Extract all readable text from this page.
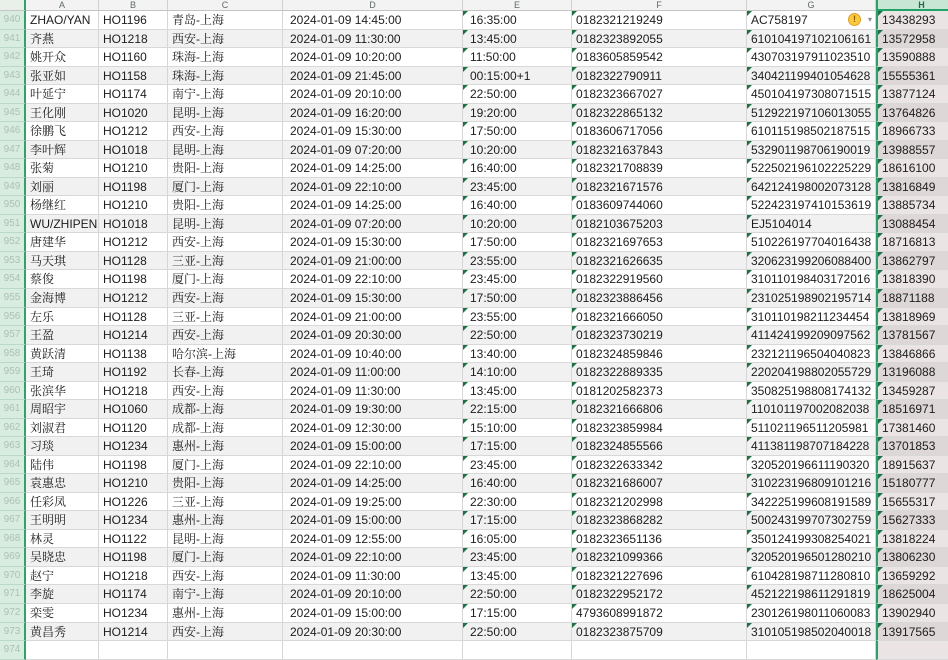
A	B	C	D	E	F	G	H
940 ZHAO/YAN	HO1196	青岛-上海	2024-01-09 14:45:00	16:35:00	0182321219249	AC758197	!	▾ 13438293
941 齐燕	HO1218	西安-上海	2024-01-09 11:30:00	13:45:00	0182323892055	610104197102106161 13572958
942 姚开众	HO1160	珠海-上海	2024-01-09 10:20:00	11:50:00	0183605859542	430703197911023510 13590888
943 张亚如	HO1158	珠海-上海	2024-01-09 21:45:00	00:15:00+1	0182322790911	340421199401054628 15555361
944 叶延宁	HO1174	南宁-上海	2024-01-09 20:10:00	22:50:00	0182323667027	450104197308071515 13877124
945 王化刚	HO1020	昆明-上海	2024-01-09 16:20:00	19:20:00	0182322865132	512922197106013055 13764826
946 徐鹏飞	HO1212	西安-上海	2024-01-09 15:30:00	17:50:00	0183606717056	610115198502187515 18966733
947 李叶辉	HO1018	昆明-上海	2024-01-09 07:20:00	10:20:00	0182321637843	532901198706190019 13988557
948 张菊	HO1210	贵阳-上海	2024-01-09 14:25:00	16:40:00	0182321708839	522502196102225229 18616100
949 刘丽	HO1198	厦门-上海	2024-01-09 22:10:00	23:45:00	0182321671576	642124198002073128 13816849
950 杨继红	HO1210	贵阳-上海	2024-01-09 14:25:00	16:40:00	0183609744060	522423197410153619 13885734
951 WU/ZHIPEN HO1018	昆明-上海	2024-01-09 07:20:00	10:20:00	0182103675203	EJ5104014	13088454
952 唐建华	HO1212	西安-上海	2024-01-09 15:30:00	17:50:00	0182321697653	510226197704016438 18716813
953 马天琪	HO1128	三亚-上海	2024-01-09 21:00:00	23:55:00	0182321626635	320623199206088400 13862797
954 蔡俊	HO1198	厦门-上海	2024-01-09 22:10:00	23:45:00	0182322919560	310110198403172016 13818390
955 金海博	HO1212	西安-上海	2024-01-09 15:30:00	17:50:00	0182323886456	231025198902195714 18871188
956 左乐	HO1128	三亚-上海	2024-01-09 21:00:00	23:55:00	0182321666050	310110198211234454	13818969
957 王盈	HO1214	西安-上海	2024-01-09 20:30:00	22:50:00	0182323730219	411424199209097562 13781567
958 黄跃清	HO1138	哈尔滨-上海	2024-01-09 10:40:00	13:40:00	0182324859846	232121196504040823 13846866
959 王琦	HO1192	长春-上海	2024-01-09 11:00:00	14:10:00	0182322889335	220204198802055729 13196088
960 张滨华	HO1218	西安-上海	2024-01-09 11:30:00	13:45:00	0181202582373	350825198808174132 13459287
961 周昭宇	HO1060	成都-上海	2024-01-09 19:30:00	22:15:00	0182321666806	110101197002082038	18516971
962 刘淑君	HO1120	成都-上海	2024-01-09 12:30:00	15:10:00	0182323859984	511021196511205981	17381460
963 习琰	HO1234	惠州-上海	2024-01-09 15:00:00	17:15:00	0182324855566	411381198707184228	13701853
964 陆伟	HO1198	厦门-上海	2024-01-09 22:10:00	23:45:00	0182322633342	320520196611190320	18915637
965 袁惠忠	HO1210	贵阳-上海	2024-01-09 14:25:00	16:40:00	0182321686007	310223196809101216 15180777
966 任彩凤	HO1226	三亚-上海	2024-01-09 19:25:00	22:30:00	0182321202998	342225199608191589 15655317
967 王明明	HO1234	惠州-上海	2024-01-09 15:00:00	17:15:00	0182323868282	500243199707302759 15627333
968 林灵	HO1122	昆明-上海	2024-01-09 12:55:00	16:05:00	0182323651136	350124199308254021 13818224
969 吴晓忠	HO1198	厦门-上海	2024-01-09 22:10:00	23:45:00	0182321099366	320520196501280210 13806230
970 赵宁	HO1218	西安-上海	2024-01-09 11:30:00	13:45:00	0182321227696	610428198711280810 13659292
971 李旋	HO1174	南宁-上海	2024-01-09 20:10:00	22:50:00	0182322952172	452122198611291819 18625004
972 栾雯	HO1234	惠州-上海	2024-01-09 15:00:00	17:15:00	4793608991872	230126198011060083 13902940
973 黄昌秀	HO1214	西安-上海	2024-01-09 20:30:00	22:50:00	0182323875709	310105198502040018 13917565
974
